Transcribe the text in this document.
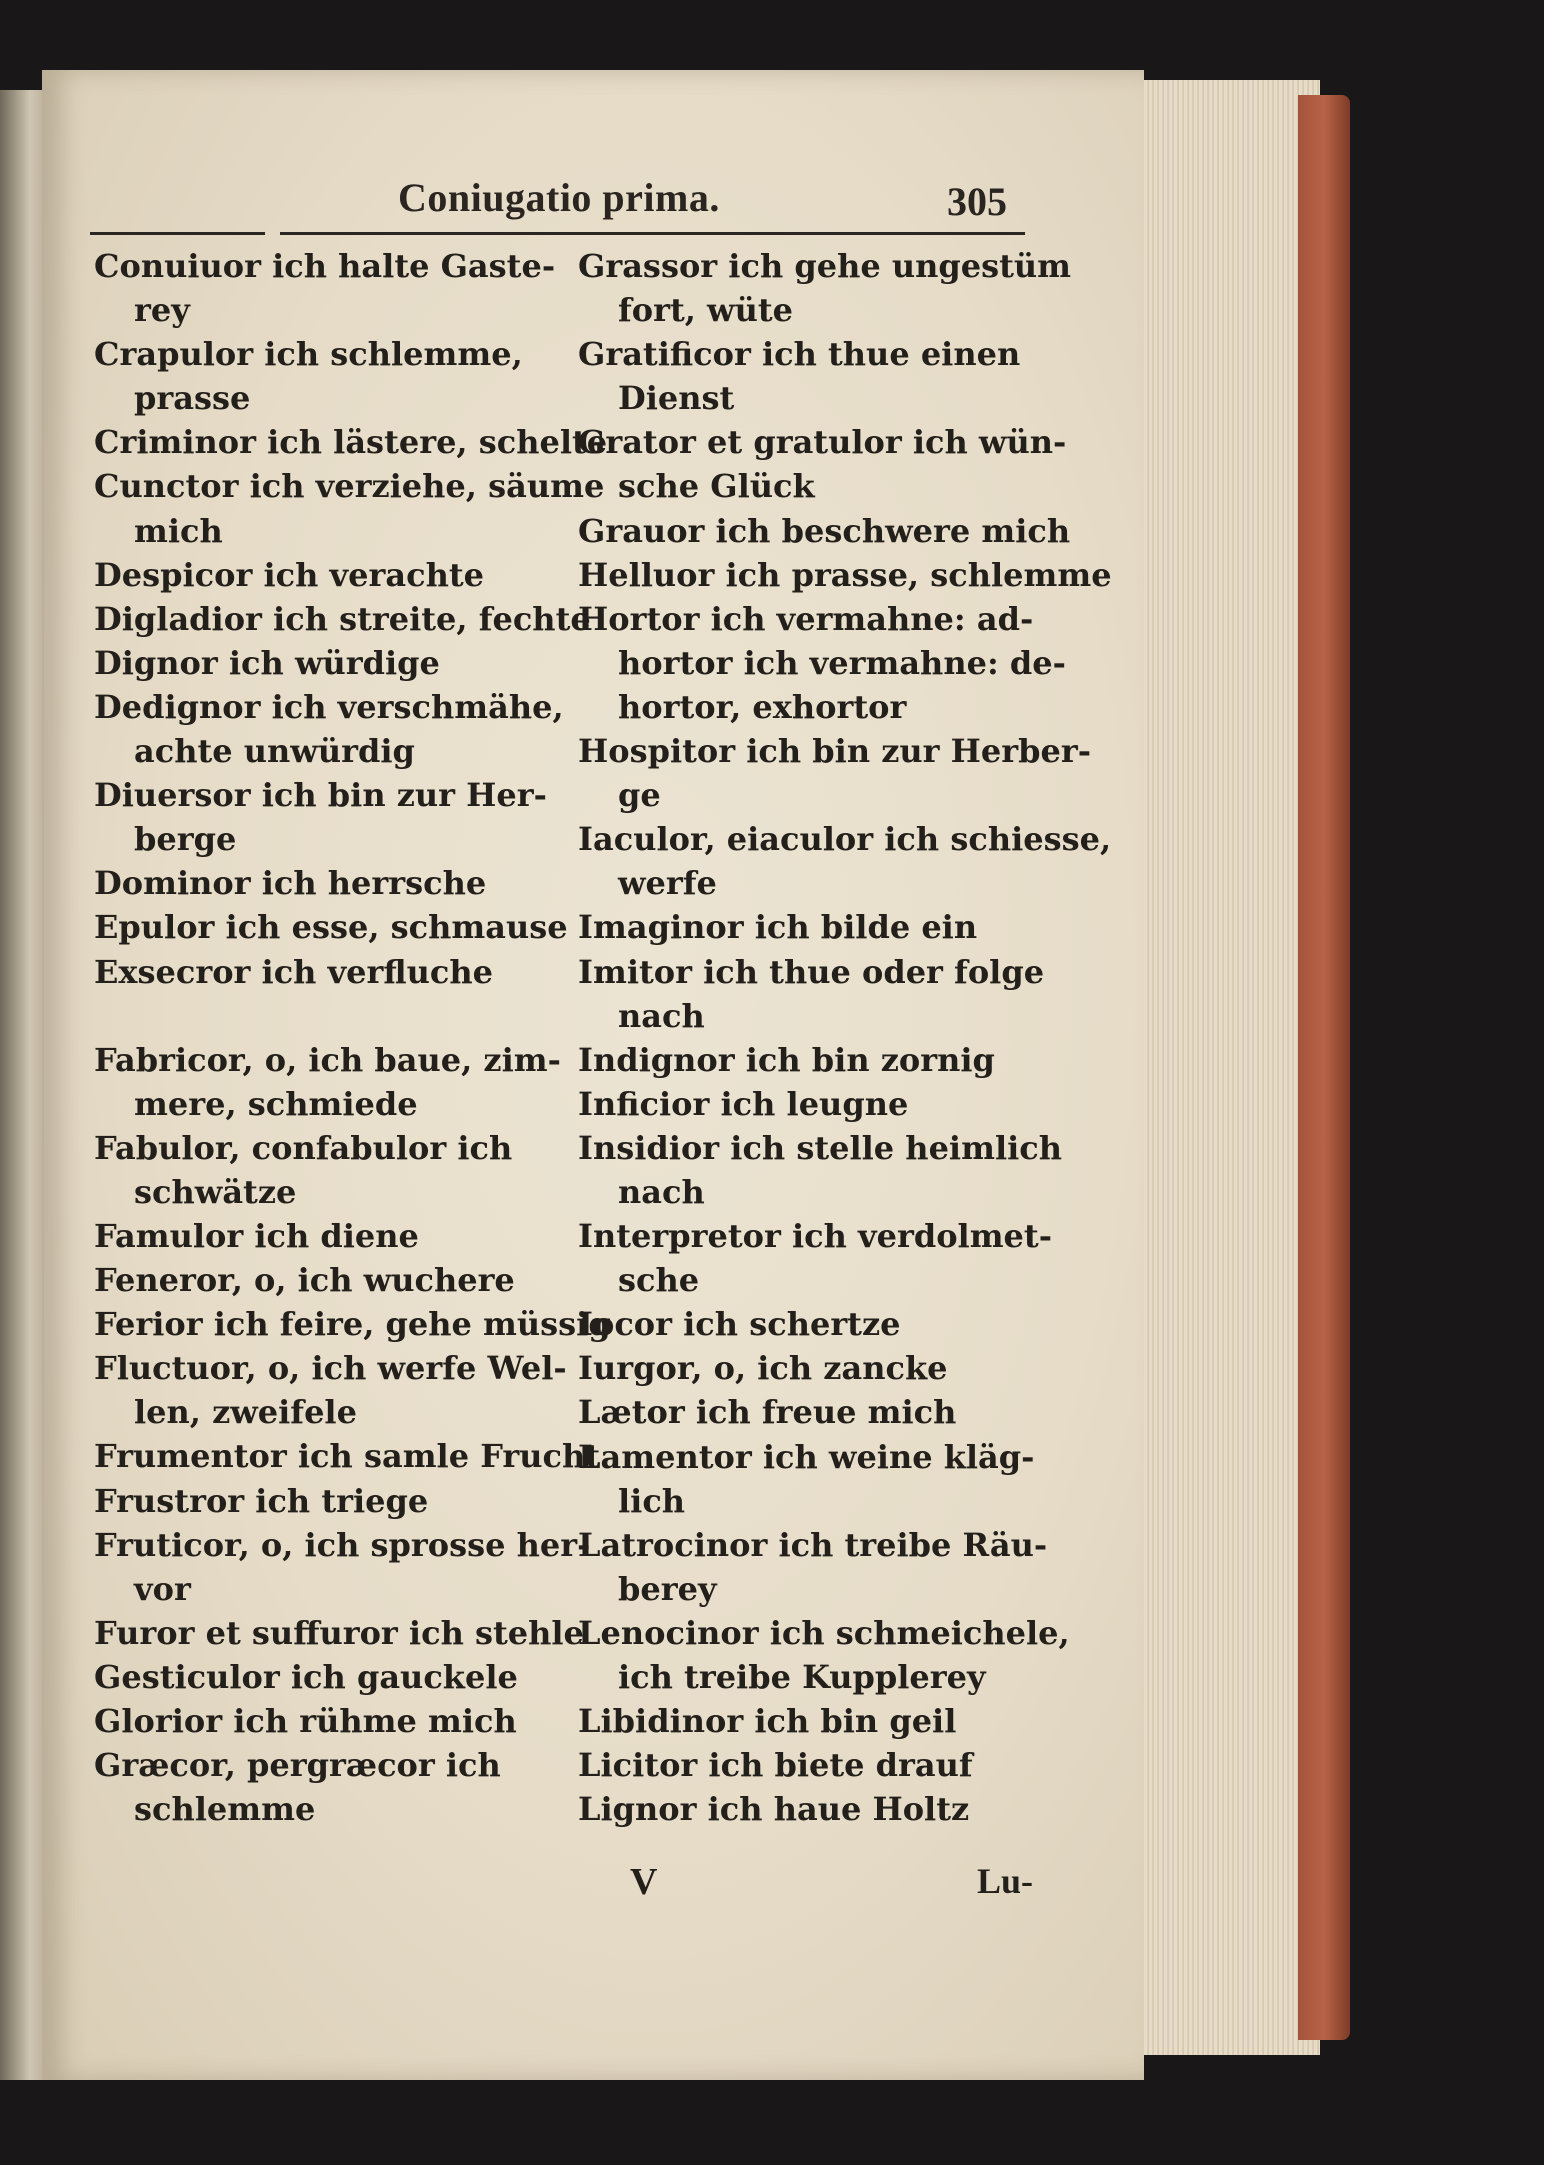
Coniugatio prima.	305
Conuiuor ich halte Gaste-
rey
Crapulor ich schlemme,
prasse
Criminor ich lästere, schelte
Cunctor ich verziehe, säume
mich
Despicor ich verachte
Digladior ich streite, fechte
Dignor ich würdige
Dedignor ich verschmähe,
achte unwürdig
Diuersor ich bin zur Her-
berge
Dominor ich herrsche
Epulor ich esse, schmause
Exsecror ich verfluche
Fabricor, o, ich baue, zim-
mere, schmiede
Fabulor, confabulor ich
schwätze
Famulor ich diene
Feneror, o, ich wuchere
Ferior ich feire, gehe müssig
Fluctuor, o, ich werfe Wel-
len, zweifele
Frumentor ich samle Frucht
Frustror ich triege
Fruticor, o, ich sprosse her-
vor
Furor et suffuror ich stehle
Gesticulor ich gauckele
Glorior ich rühme mich
Græcor, pergræcor ich
schlemme
Grassor ich gehe ungestüm
fort, wüte
Gratificor ich thue einen
Dienst
Grator et gratulor ich wün-
sche Glück
Grauor ich beschwere mich
Helluor ich prasse, schlemme
Hortor ich vermahne: ad-
hortor ich vermahne: de-
hortor, exhortor
Hospitor ich bin zur Herber-
ge
Iaculor, eiaculor ich schiesse,
werfe
Imaginor ich bilde ein
Imitor ich thue oder folge
nach
Indignor ich bin zornig
Inficior ich leugne
Insidior ich stelle heimlich
nach
Interpretor ich verdolmet-
sche
Iocor ich schertze
Iurgor, o, ich zancke
Lætor ich freue mich
Lamentor ich weine kläg-
lich
Latrocinor ich treibe Räu-
berey
Lenocinor ich schmeichele,
ich treibe Kupplerey
Libidinor ich bin geil
Licitor ich biete drauf
Lignor ich haue Holtz
V	Lu-
